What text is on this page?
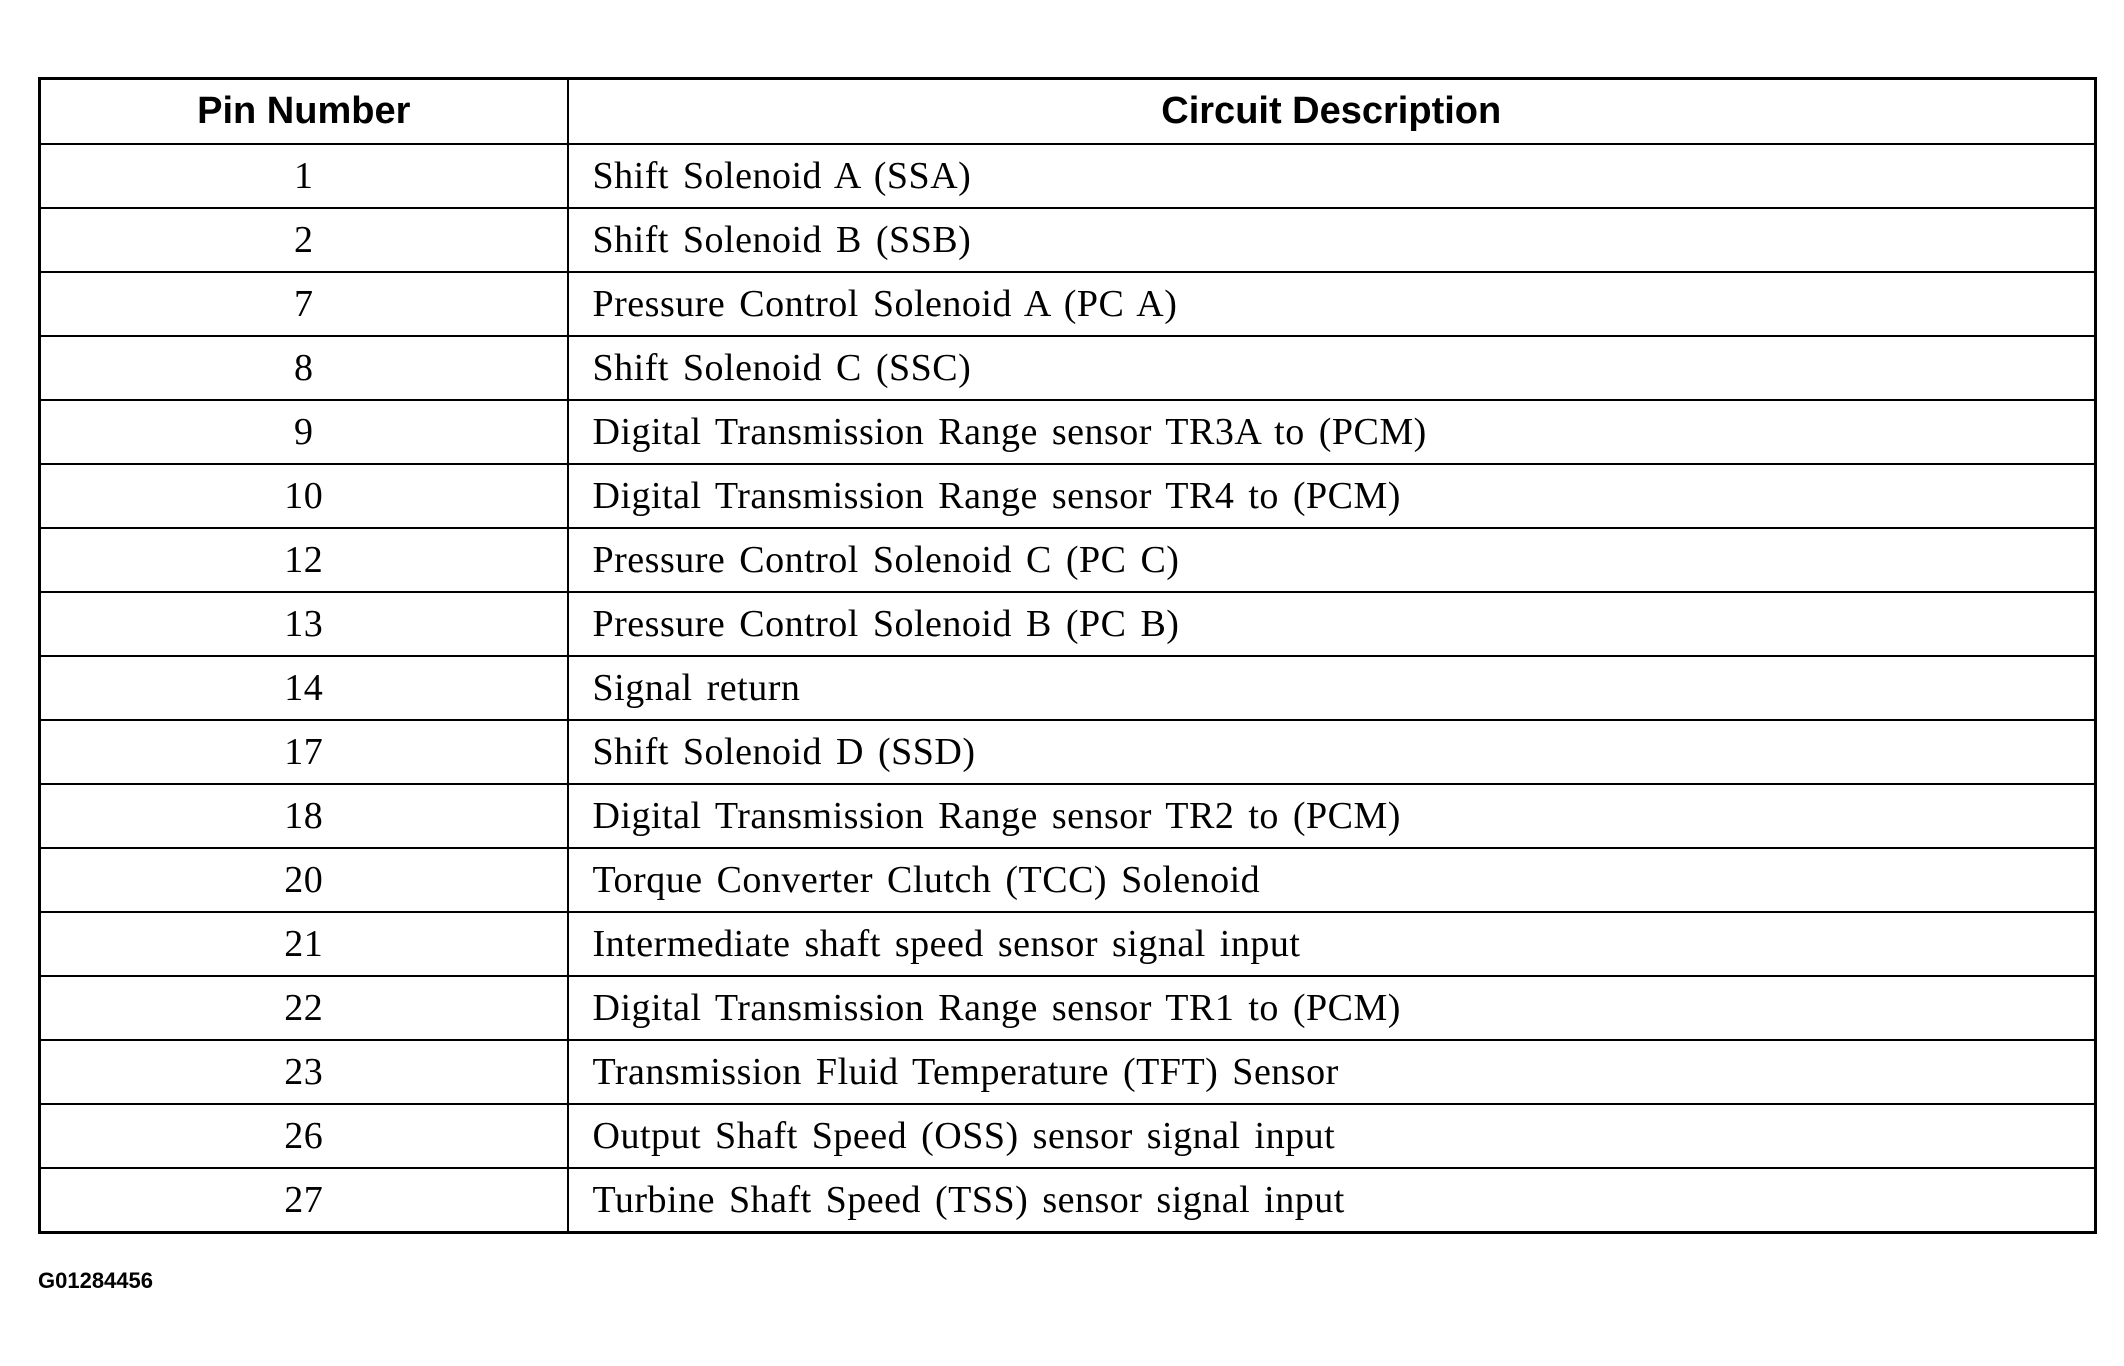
Pin Number	Circuit Description
1	Shift Solenoid A (SSA)
2	Shift Solenoid B (SSB)
7	Pressure Control Solenoid A (PC A)
8	Shift Solenoid C (SSC)
9	Digital Transmission Range sensor TR3A to (PCM)
10	Digital Transmission Range sensor TR4 to (PCM)
12	Pressure Control Solenoid C (PC C)
13	Pressure Control Solenoid B (PC B)
14	Signal return
17	Shift Solenoid D (SSD)
18	Digital Transmission Range sensor TR2 to (PCM)
20	Torque Converter Clutch (TCC) Solenoid
21	Intermediate shaft speed sensor signal input
22	Digital Transmission Range sensor TR1 to (PCM)
23	Transmission Fluid Temperature (TFT) Sensor
26	Output Shaft Speed (OSS) sensor signal input
27	Turbine Shaft Speed (TSS) sensor signal input
G01284456
